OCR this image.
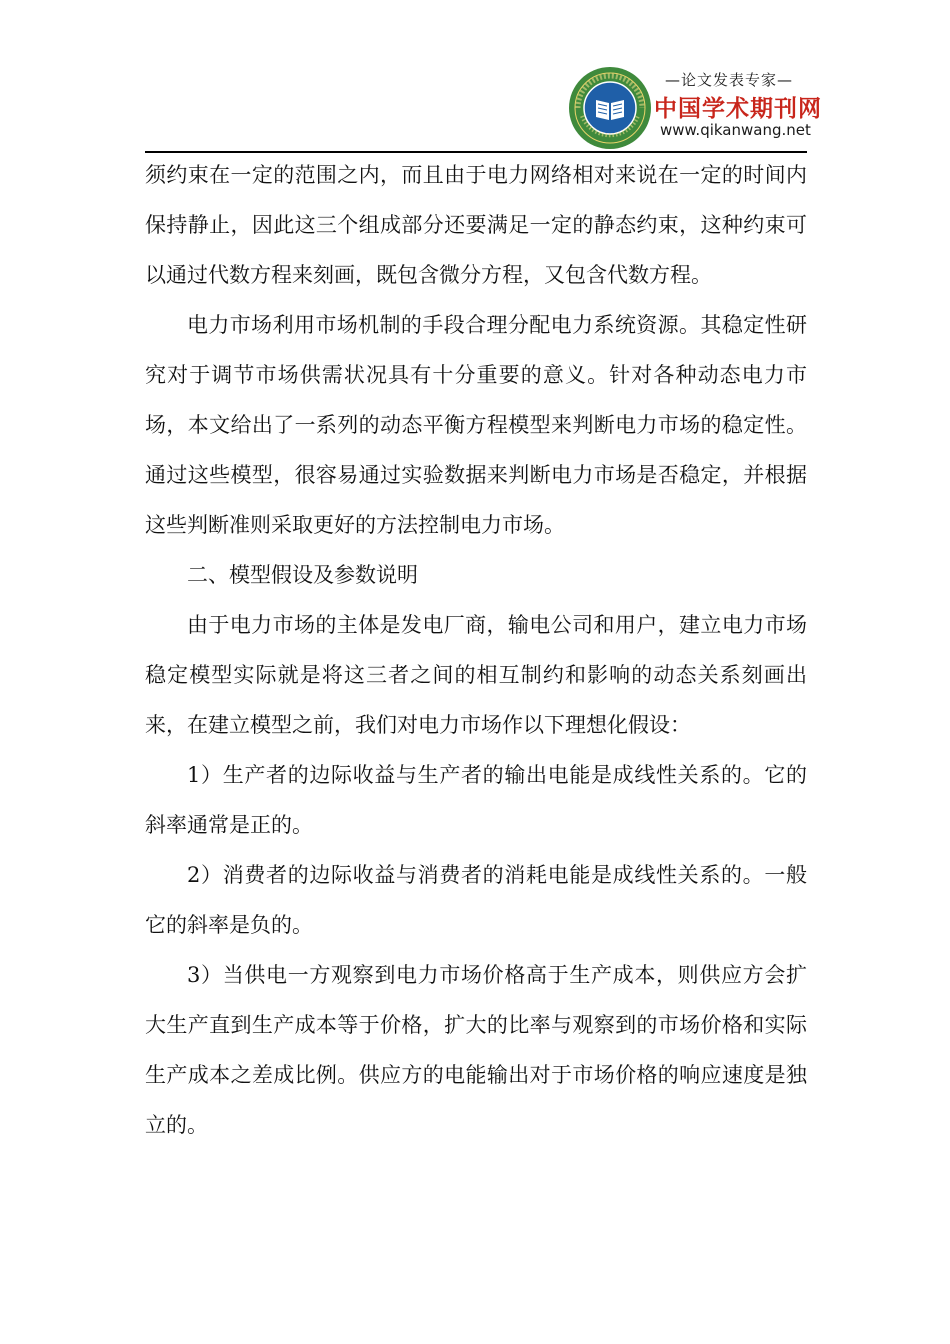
—论文发表专家—
中国学术期刊网
www.qikanwang.net

须约束在一定的范围之内，而且由于电力网络相对来说在一定的时间内保持静止，因此这三个组成部分还要满足一定的静态约束，这种约束可以通过代数方程来刻画，既包含微分方程，又包含代数方程。

电力市场利用市场机制的手段合理分配电力系统资源。其稳定性研究对于调节市场供需状况具有十分重要的意义。针对各种动态电力市场，本文给出了一系列的动态平衡方程模型来判断电力市场的稳定性。通过这些模型，很容易通过实验数据来判断电力市场是否稳定，并根据这些判断准则采取更好的方法控制电力市场。

二、模型假设及参数说明

由于电力市场的主体是发电厂商，输电公司和用户，建立电力市场稳定模型实际就是将这三者之间的相互制约和影响的动态关系刻画出来，在建立模型之前，我们对电力市场作以下理想化假设：

1）生产者的边际收益与生产者的输出电能是成线性关系的。它的斜率通常是正的。

2）消费者的边际收益与消费者的消耗电能是成线性关系的。一般它的斜率是负的。

3）当供电一方观察到电力市场价格高于生产成本，则供应方会扩大生产直到生产成本等于价格，扩大的比率与观察到的市场价格和实际生产成本之差成比例。供应方的电能输出对于市场价格的响应速度是独立的。
